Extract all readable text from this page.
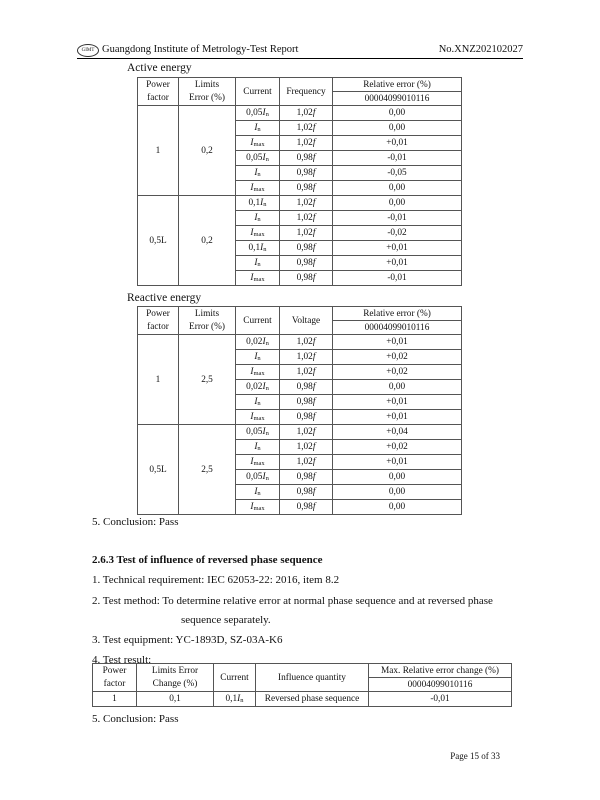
GIMT Guangdong Institute of Metrology-Test Report	No.XNZ202102027
Active energy
Power	Limits	Current	Frequency	Relative error (%)
factor	Error (%)			00004099010116
1	0,2	$0,05I_n$	1,02f	0,00
		$I_n$	1,02f	0,00
		$I_{max}$	1,02f	+0,01
		$0,05I_n$	0,98f	-0,01
		$I_n$	0,98f	-0,05
		$I_{max}$	0,98f	0,00
0,5L	0,2	$0,1I_n$	1,02f	0,00
		$I_n$	1,02f	-0,01
		$I_{max}$	1,02f	-0,02
		$0,1I_n$	0,98f	+0,01
		$I_n$	0,98f	+0,01
		$I_{max}$	0,98f	-0,01
Reactive energy
Power	Limits	Current	Voltage	Relative error (%)
factor	Error (%)			00004099010116
1	2,5	$0,02I_n$	1,02f	+0,01
		$I_n$	1,02f	+0,02
		$I_{max}$	1,02f	+0,02
		$0,02I_n$	0,98f	0,00
		$I_n$	0,98f	+0,01
		$I_{max}$	0,98f	+0,01
0,5L	2,5	$0,05I_n$	1,02f	+0,04
		$I_n$	1,02f	+0,02
		$I_{max}$	1,02f	+0,01
		$0,05I_n$	0,98f	0,00
		$I_n$	0,98f	0,00
		$I_{max}$	0,98f	0,00
5. Conclusion: Pass
2.6.3 Test of influence of reversed phase sequence
1. Technical requirement: IEC 62053-22: 2016, item 8.2
2. Test method: To determine relative error at normal phase sequence and at reversed phase
sequence separately.
3. Test equipment: YC-1893D, SZ-03A-K6
4. Test result:
Power	Limits Error	Current	Influence quantity	Max. Relative error change (%)
factor	Change (%)			00004099010116
1	0,1	$0,1I_n$	Reversed phase sequence	-0,01
5. Conclusion: Pass
Page 15 of 33
